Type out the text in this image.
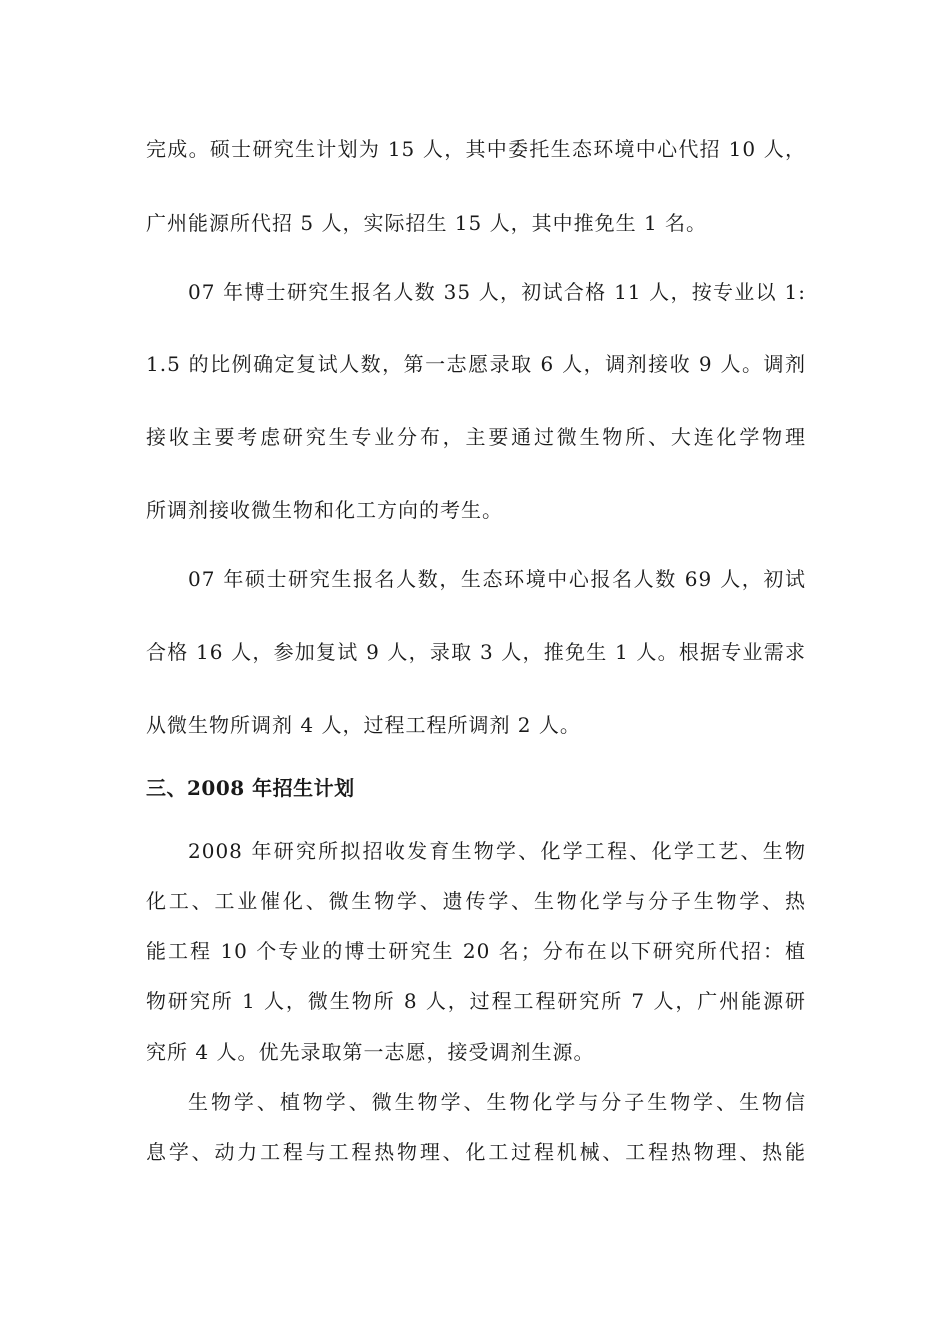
完成。硕士研究生计划为 15 人，其中委托生态环境中心代招 10 人，
广州能源所代招 5 人，实际招生 15 人，其中推免生 1 名。
07 年博士研究生报名人数 35 人，初试合格 11 人，按专业以 1:
1.5 的比例确定复试人数，第一志愿录取 6 人，调剂接收 9 人。调剂
接收主要考虑研究生专业分布，主要通过微生物所、大连化学物理
所调剂接收微生物和化工方向的考生。
07 年硕士研究生报名人数，生态环境中心报名人数 69 人，初试
合格 16 人，参加复试 9 人，录取 3 人，推免生 1 人。根据专业需求
从微生物所调剂 4 人，过程工程所调剂 2 人。
三、2008 年招生计划
2008 年研究所拟招收发育生物学、化学工程、化学工艺、生物
化工、工业催化、微生物学、遗传学、生物化学与分子生物学、热
能工程 10 个专业的博士研究生 20 名；分布在以下研究所代招：植
物研究所 1 人，微生物所 8 人，过程工程研究所 7 人，广州能源研
究所 4 人。优先录取第一志愿，接受调剂生源。
生物学、植物学、微生物学、生物化学与分子生物学、生物信
息学、动力工程与工程热物理、化工过程机械、工程热物理、热能
